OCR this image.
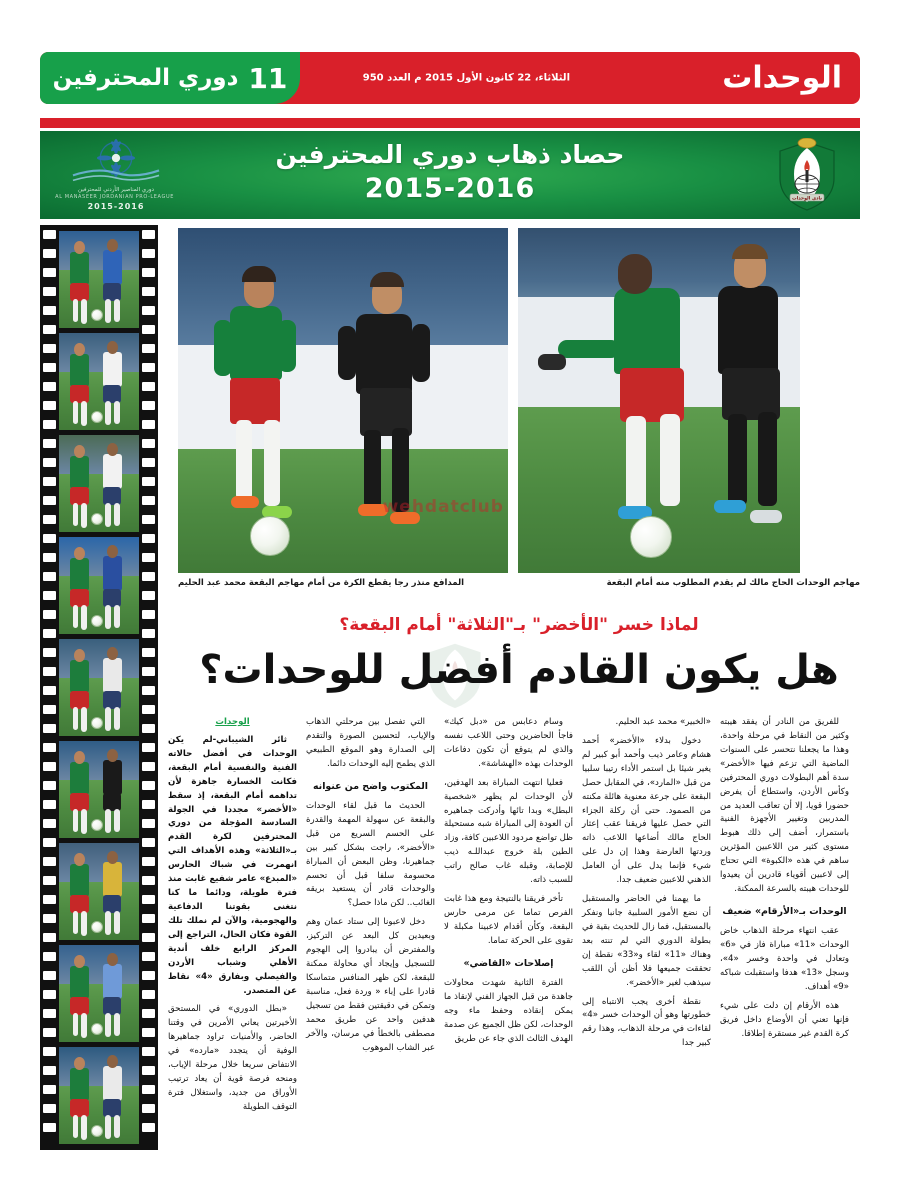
الوحدات
الثلاثاء، 22 كانون الأول 2015 م العدد 950
11
دوري المحترفين
دوري المناصير الأردني للمحترفين
AL MANASEER JORDANIAN PRO-LEAGUE
2015-2016
حصاد ذهاب دوري المحترفين
2015-2016	نادي الوحدات
wehdatclub
مهاجم الوحدات الحاج مالك لم يقدم المطلوب منه أمام البقعة
المدافع منذر رجا يقطع الكرة من أمام مهاجم البقعة محمد عبد الحليم
لماذا خسر "الأخضر" بـ"الثلاثة" أمام البقعة؟
هل يكون القادم أفضل للوحدات؟
الوحدات

ثائر الشيباني-لم يكن الوحدات في أفضل حالاته الفنية والنفسية أمام البقعة، فكانت الخسارة جاهزة لأن تداهمه أمام البقعة، إذ سقط «الأخضر» مجددا في الجولة السادسة المؤجلة من دوري المحترفين لكرة القدم بـ«الثلاثة» وهذه الأهداف التي انهمرت في شباك الحارس «المبدع» عامر شفيع غابت منذ فترة طويلة، ودائما ما كنا نتغنى بقوتنا الدفاعية والهجومية، والآن لم نملك تلك القوة فكان الحال، التراجع إلى المركز الرابع خلف أندية الأهلي وشباب الأردن والفيصلي وبفارق «4» نقاط عن المتصدر.

«بطل الدوري» في المستحق الأخيرتين يعاني الأمرين في وقتنا الحاضر، والأمنيات تراود جماهيرها الوفية أن يتجدد «مارده» في الانتفاض سريعا خلال مرحلة الإياب، ومنحه فرصة قوية أن يعاد ترتيب الأوراق من جديد، واستغلال فترة التوقف الطويلة

التي تفصل بين مرحلتي الذهاب والإياب، لتحسين الصورة والتقدم إلى الصدارة وهو الموقع الطبيعي الذي يطمح إليه الوحدات دائما.

المكتوب واضح من عنوانه

الحديث ما قبل لقاء الوحدات والبقعة عن سهولة المهمة والقدرة على الحسم السريع من قبل «الأخضر»، راجت بشكل كبير بين جماهيرنا، وظن البعض أن المباراة محسومة سلفا قبل أن تحسم والوحدات قادر أن يستعيد بريقه الغائب.. لكن ماذا حصل؟

دخل لاعبونا إلى ستاد عمان وهم وبعيدين كل البعد عن التركيز، والمفترض أن يبادروا إلى الهجوم للتسجيل وإيجاد أي محاولة ممكنة للبقعة، لكن ظهر المنافس متماسكا قادرا على إباء « وردة فعل، مناسبة وتمكن في دقيقتين فقط من تسجيل هدفين واحد عن طريق محمد مصطفى بالخطأ في مرسان، والآخر عبر الشاب الموهوب

وسام دعابس من «دبل كيك» فاجأ الحاضرين وحتى اللاعب نفسه والذي لم يتوقع أن تكون دفاعات الوحدات بهذه «الهشاشة».

فعليا انتهت المباراة بعد الهدفين، لأن الوحدات لم يظهر «شخصية البطل» وبدا تائها وأدركت جماهيره أن العودة إلى المباراة شبه مستحيلة ظل تواضع مردود اللاعبين كافة، وزاد الطين بلة خروج عبداللـه ذيب للإصابة، وقبله غاب صالح راتب للسبب ذاته.

تأخر فريقنا بالنتيجة ومع هذا غابت الفرص تماما عن مرمى حارس البقعة، وكأن أقدام لاعبينا مكبلة لا تقوى على الحركة تماما.

إصلاحات «القاضي»

الفترة الثانية شهدت محاولات جاهدة من قبل الجهاز الفني لإنقاذ ما يمكن إنقاذه وحفظ ماء وجه الوحدات، لكن ظل الجميع عن صدمة الهدف الثالث الذي جاء عن طريق

«الخبير» محمد عبد الحليم.

دخول بدلاء «الأخضر» أحمد هشام وعامر ذيب وأحمد أبو كبير لم يغير شيئا بل استمر الأداء رتيبا سلبيا من قبل «المارد»، في المقابل حصل البقعة على جرعة معنوية هائلة مكنته من الصمود. حتى أن ركلة الجزاء التي حصل عليها فريقنا عقب إعثار الحاج مالك أضاعها اللاعب ذاته وردتها العارضة وهذا إن دل على شيء فإنما يدل على أن العامل الذهني للاعبين ضعيف جدا.

ما يهمنا في الحاضر والمستقبل أن نضع الأمور السلبية جانبا ونفكر بالمستقبل، فما زال للحديث بقية في بطولة الدوري التي لم تنته بعد وهناك «11» لقاء و«33» نقطة إن تحققت جميعها فلا أظن أن اللقب سيذهب لغير «الأخضر».

نقطة أخرى يجب الانتباه إلى خطورتها وهو أن الوحدات خسر «4» لقاءات في مرحلة الذهاب، وهذا رقم كبير جدا

للفريق من النادر أن يفقد هيبته وكثير من النقاط في مرحلة واحدة، وهذا ما يجعلنا نتحسر على السنوات الماضية التي تزعم فيها «الأخضر» سدة أهم البطولات دوري المحترفين وكأس الأردن، واستطاع أن يفرض حضورا قويا، إلا أن تعاقب العديد من المدربين وتغيير الأجهزة الفنية باستمرار، أضف إلى ذلك هبوط مستوى كثير من اللاعبين المؤثرين ساهم في هذه «الكبوة» التي تحتاج إلى لاعبين أقوياء قادرين أن يعيدوا للوحدات هيبته بالسرعة الممكنة.

الوحدات بـ«الأرقام» ضعيف

عقب انتهاء مرحلة الذهاب خاض الوحدات «11» مباراة فاز في «6» وتعادل في واحدة وخسر «4»، وسجل «13» هدفا واستقبلت شباكه «9» أهداف.

هذه الأرقام إن دلت على شيء فإنها تعني أن الأوضاع داخل فريق كرة القدم غير مستقرة إطلاقا.
